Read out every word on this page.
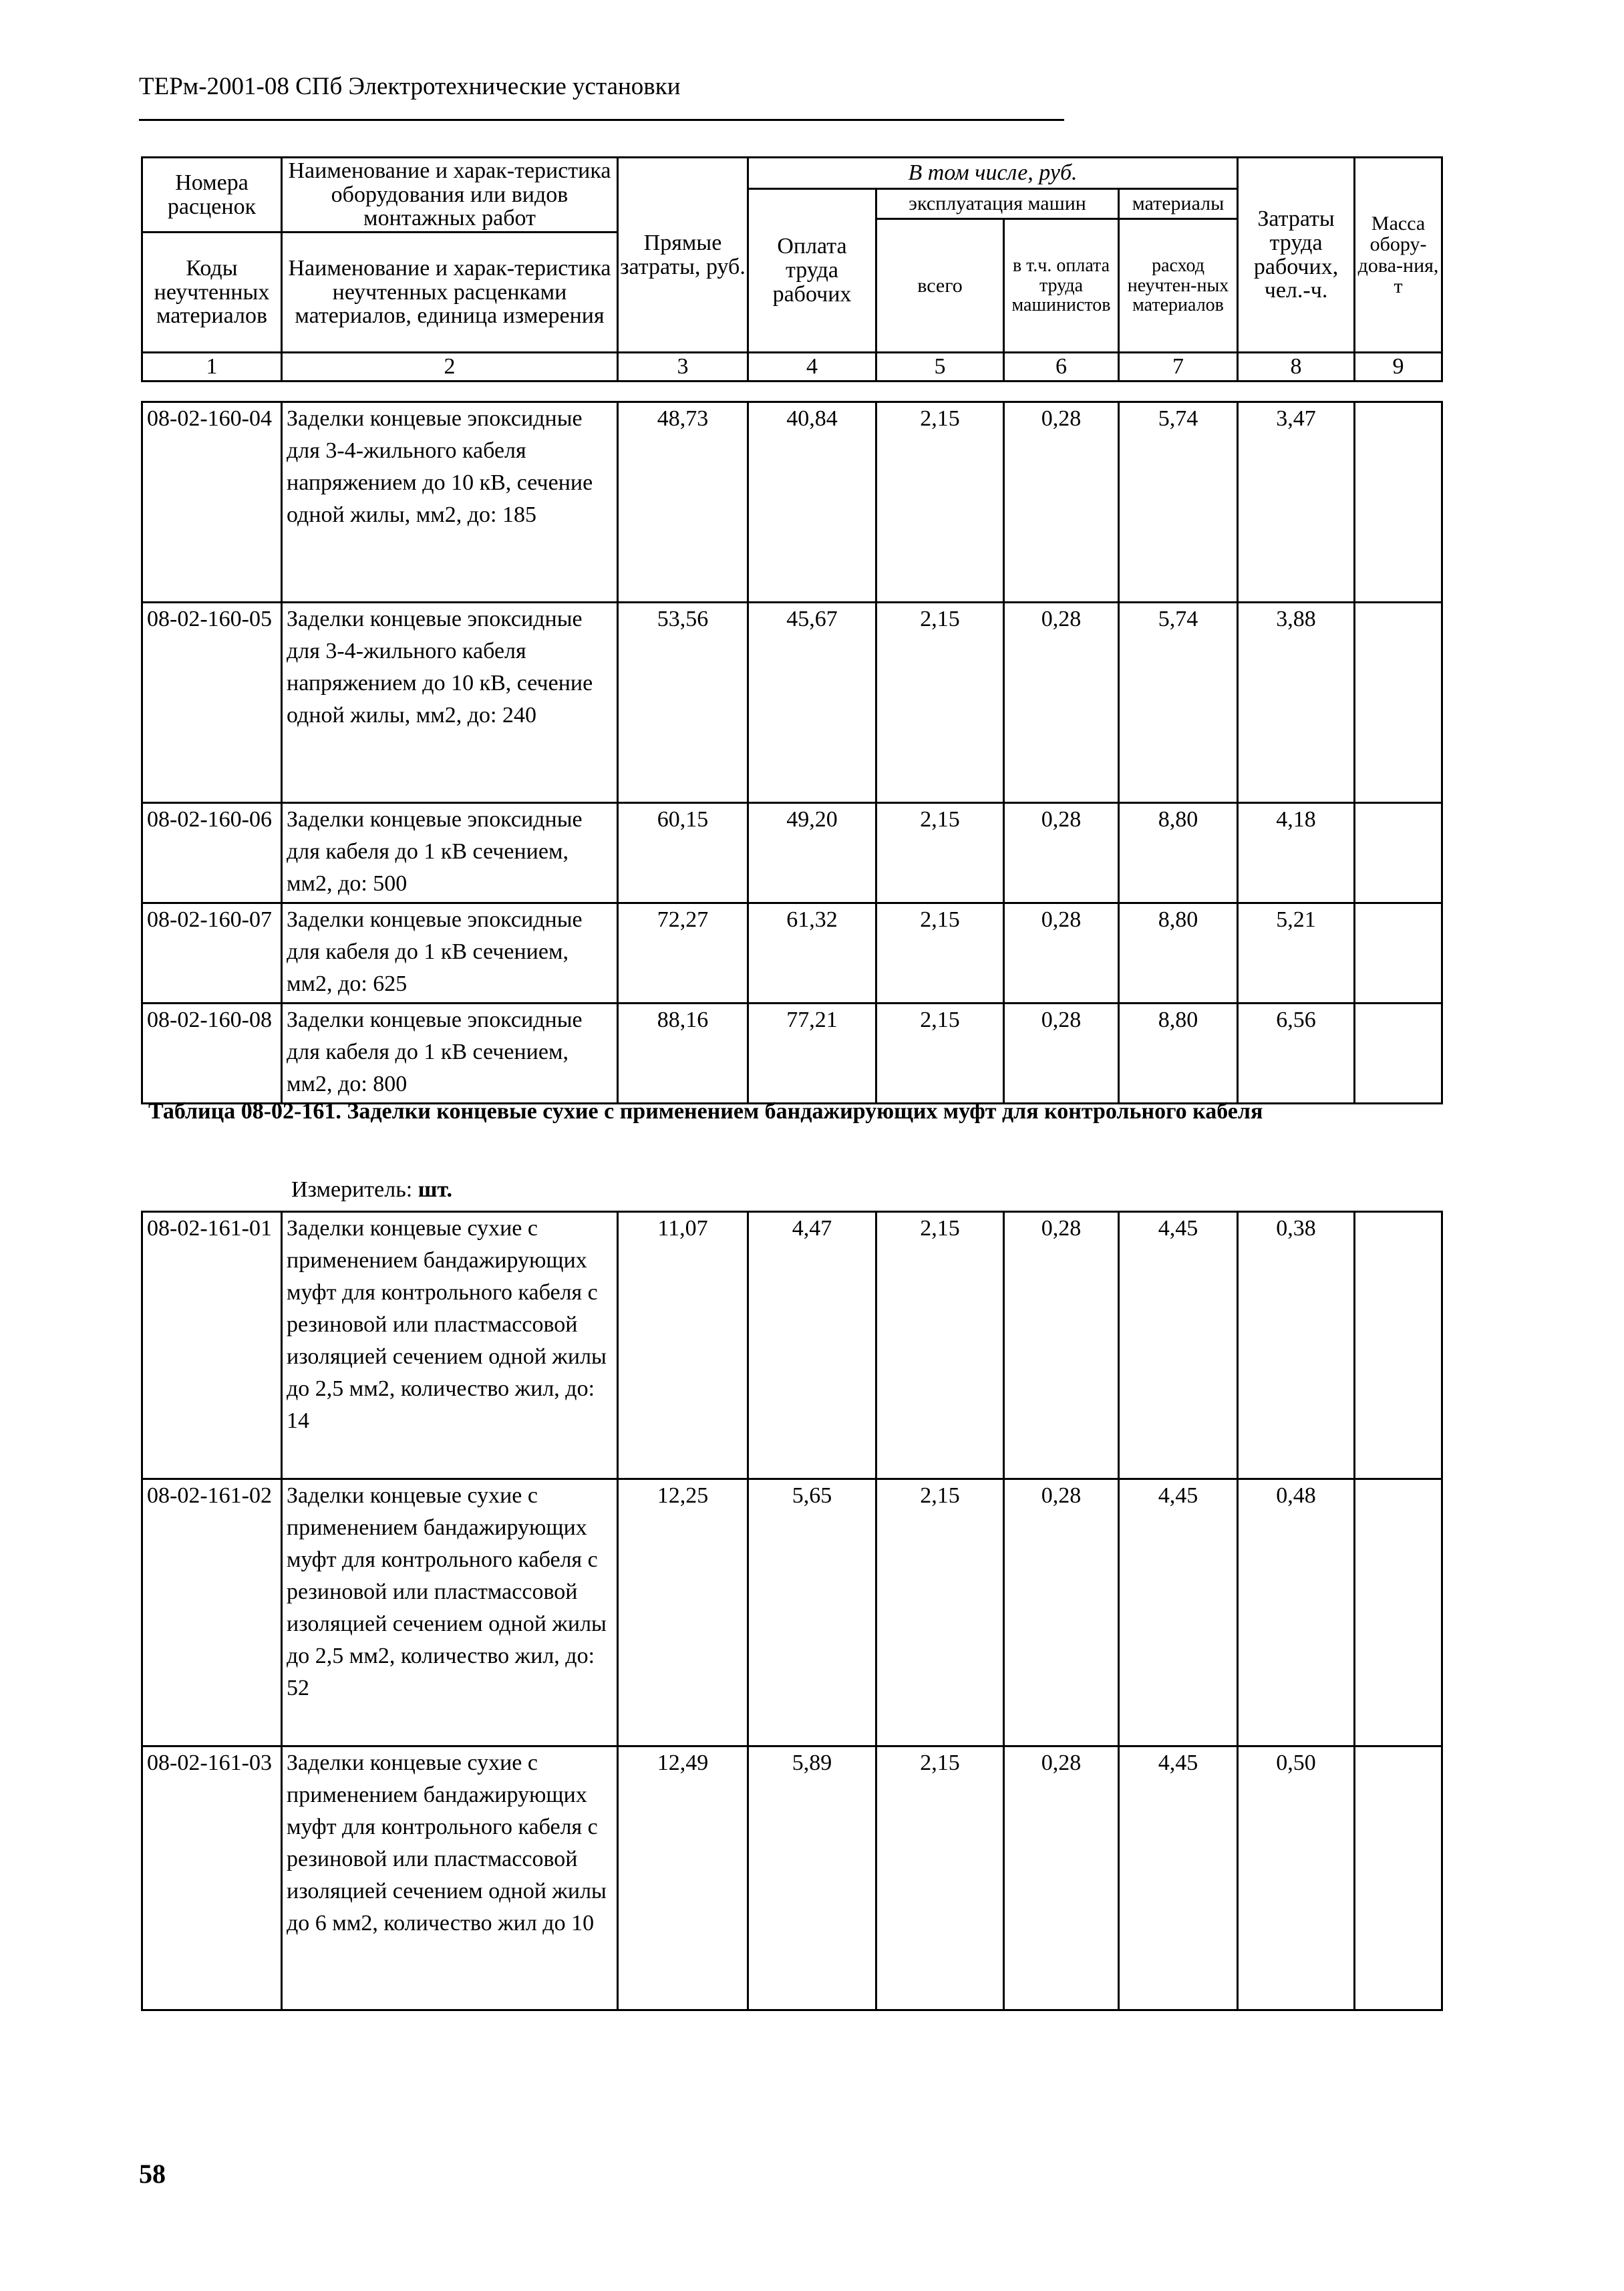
ТЕРм-2001-08 СПб Электротехнические установки
Номера расценок	Наименование и харак-теристика оборудования или видов монтажных работ	Прямые затраты, руб.	В том числе, руб.				Затраты труда рабочих, чел.-ч.	Масса обору-дова-ния, т
			Оплата труда рабочих	эксплуатация машин		материалы		
				всего	в т.ч. оплата труда машинистов	расход неучтен-ных материалов		
Коды неучтенных материалов	Наименование и харак-теристика неучтенных расценками материалов, единица измерения							

1	2	3	4	5	6	7	8	9
08-02-160-04	Заделки концевые эпоксидные для 3-4-жильного кабеля напряжением до 10 кВ, сечение одной жилы, мм2, до: 185	48,73	40,84	2,15	0,28	5,74	3,47	
08-02-160-05	Заделки концевые эпоксидные для 3-4-жильного кабеля напряжением до 10 кВ, сечение одной жилы, мм2, до: 240	53,56	45,67	2,15	0,28	5,74	3,88	
08-02-160-06	Заделки концевые эпоксидные для кабеля до 1 кВ сечением, мм2, до: 500	60,15	49,20	2,15	0,28	8,80	4,18	
08-02-160-07	Заделки концевые эпоксидные для кабеля до 1 кВ сечением, мм2, до: 625	72,27	61,32	2,15	0,28	8,80	5,21	
08-02-160-08	Заделки концевые эпоксидные для кабеля до 1 кВ сечением, мм2, до: 800	88,16	77,21	2,15	0,28	8,80	6,56	
Таблица 08-02-161. Заделки концевые сухие с применением бандажирующих муфт для контрольного кабеля
Измеритель: шт.
08-02-161-01	Заделки концевые сухие с применением бандажирующих муфт для контрольного кабеля с резиновой или пластмассовой изоляцией сечением одной жилы до 2,5 мм2, количество жил, до: 14	11,07	4,47	2,15	0,28	4,45	0,38	
08-02-161-02	Заделки концевые сухие с применением бандажирующих муфт для контрольного кабеля с резиновой или пластмассовой изоляцией сечением одной жилы до 2,5 мм2, количество жил, до: 52	12,25	5,65	2,15	0,28	4,45	0,48	
08-02-161-03	Заделки концевые сухие с применением бандажирующих муфт для контрольного кабеля с резиновой или пластмассовой изоляцией сечением одной жилы до 6 мм2, количество жил до 10	12,49	5,89	2,15	0,28	4,45	0,50	
58
